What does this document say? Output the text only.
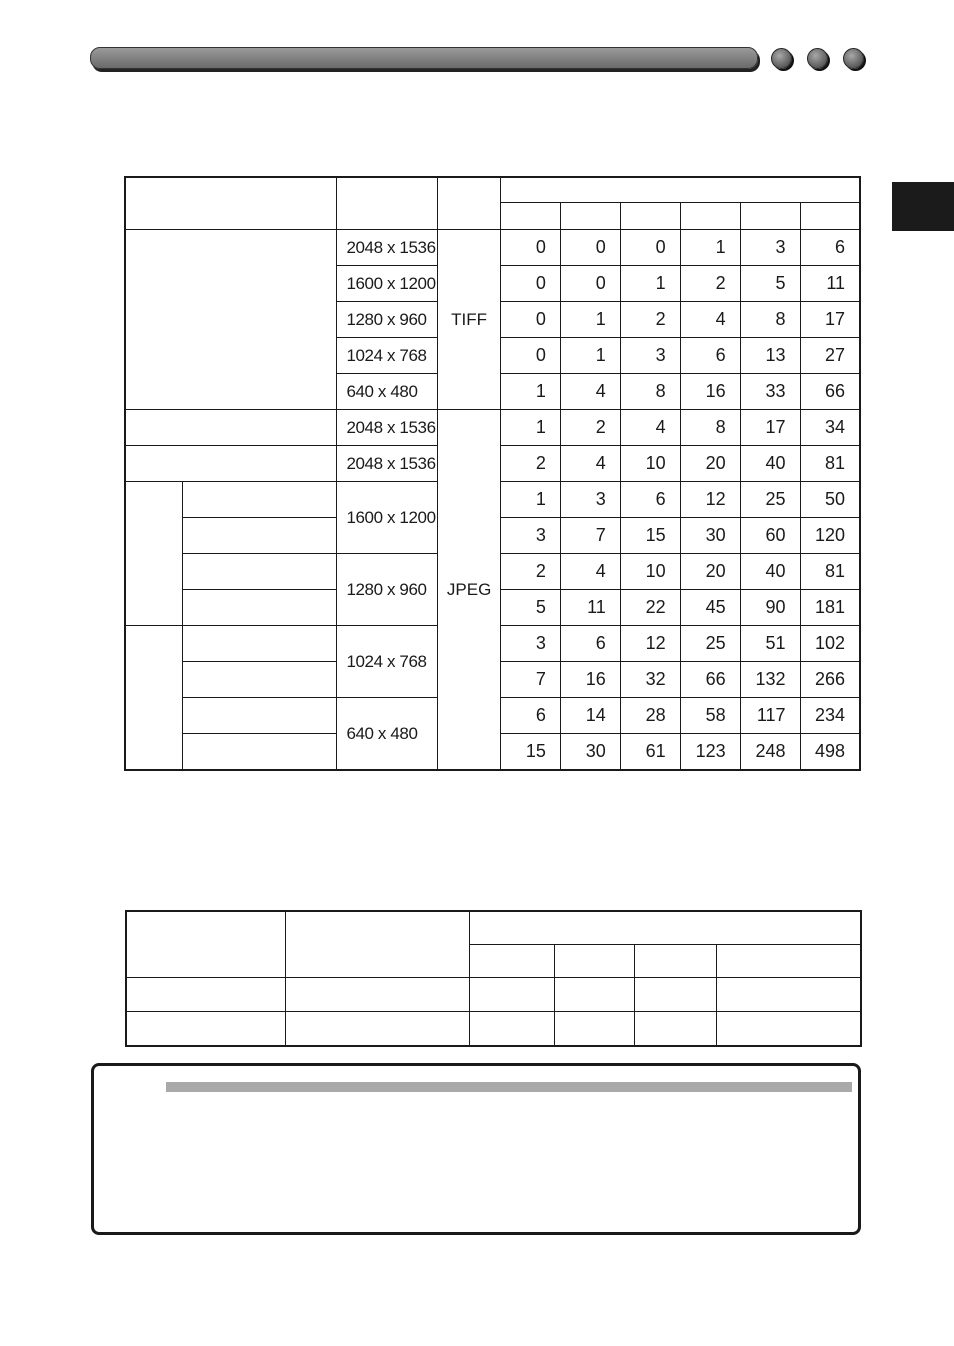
		2048 x 1536	TIFF	0	0	0	1	3	6
		1600 x 1200		0	0	1	2	5	11
		1280 x 960		0	1	2	4	8	17
		1024 x 768		0	1	3	6	13	27
		640 x 480		1	4	8	16	33	66
		2048 x 1536	JPEG	1	2	4	8	17	34
		2048 x 1536		2	4	10	20	40	81
		1600 x 1200		1	3	6	12	25	50
				3	7	15	30	60	120
		1280 x 960		2	4	10	20	40	81
				5	11	22	45	90	181
		1024 x 768		3	6	12	25	51	102
				7	16	32	66	132	266
		640 x 480		6	14	28	58	117	234
				15	30	61	123	248	498
